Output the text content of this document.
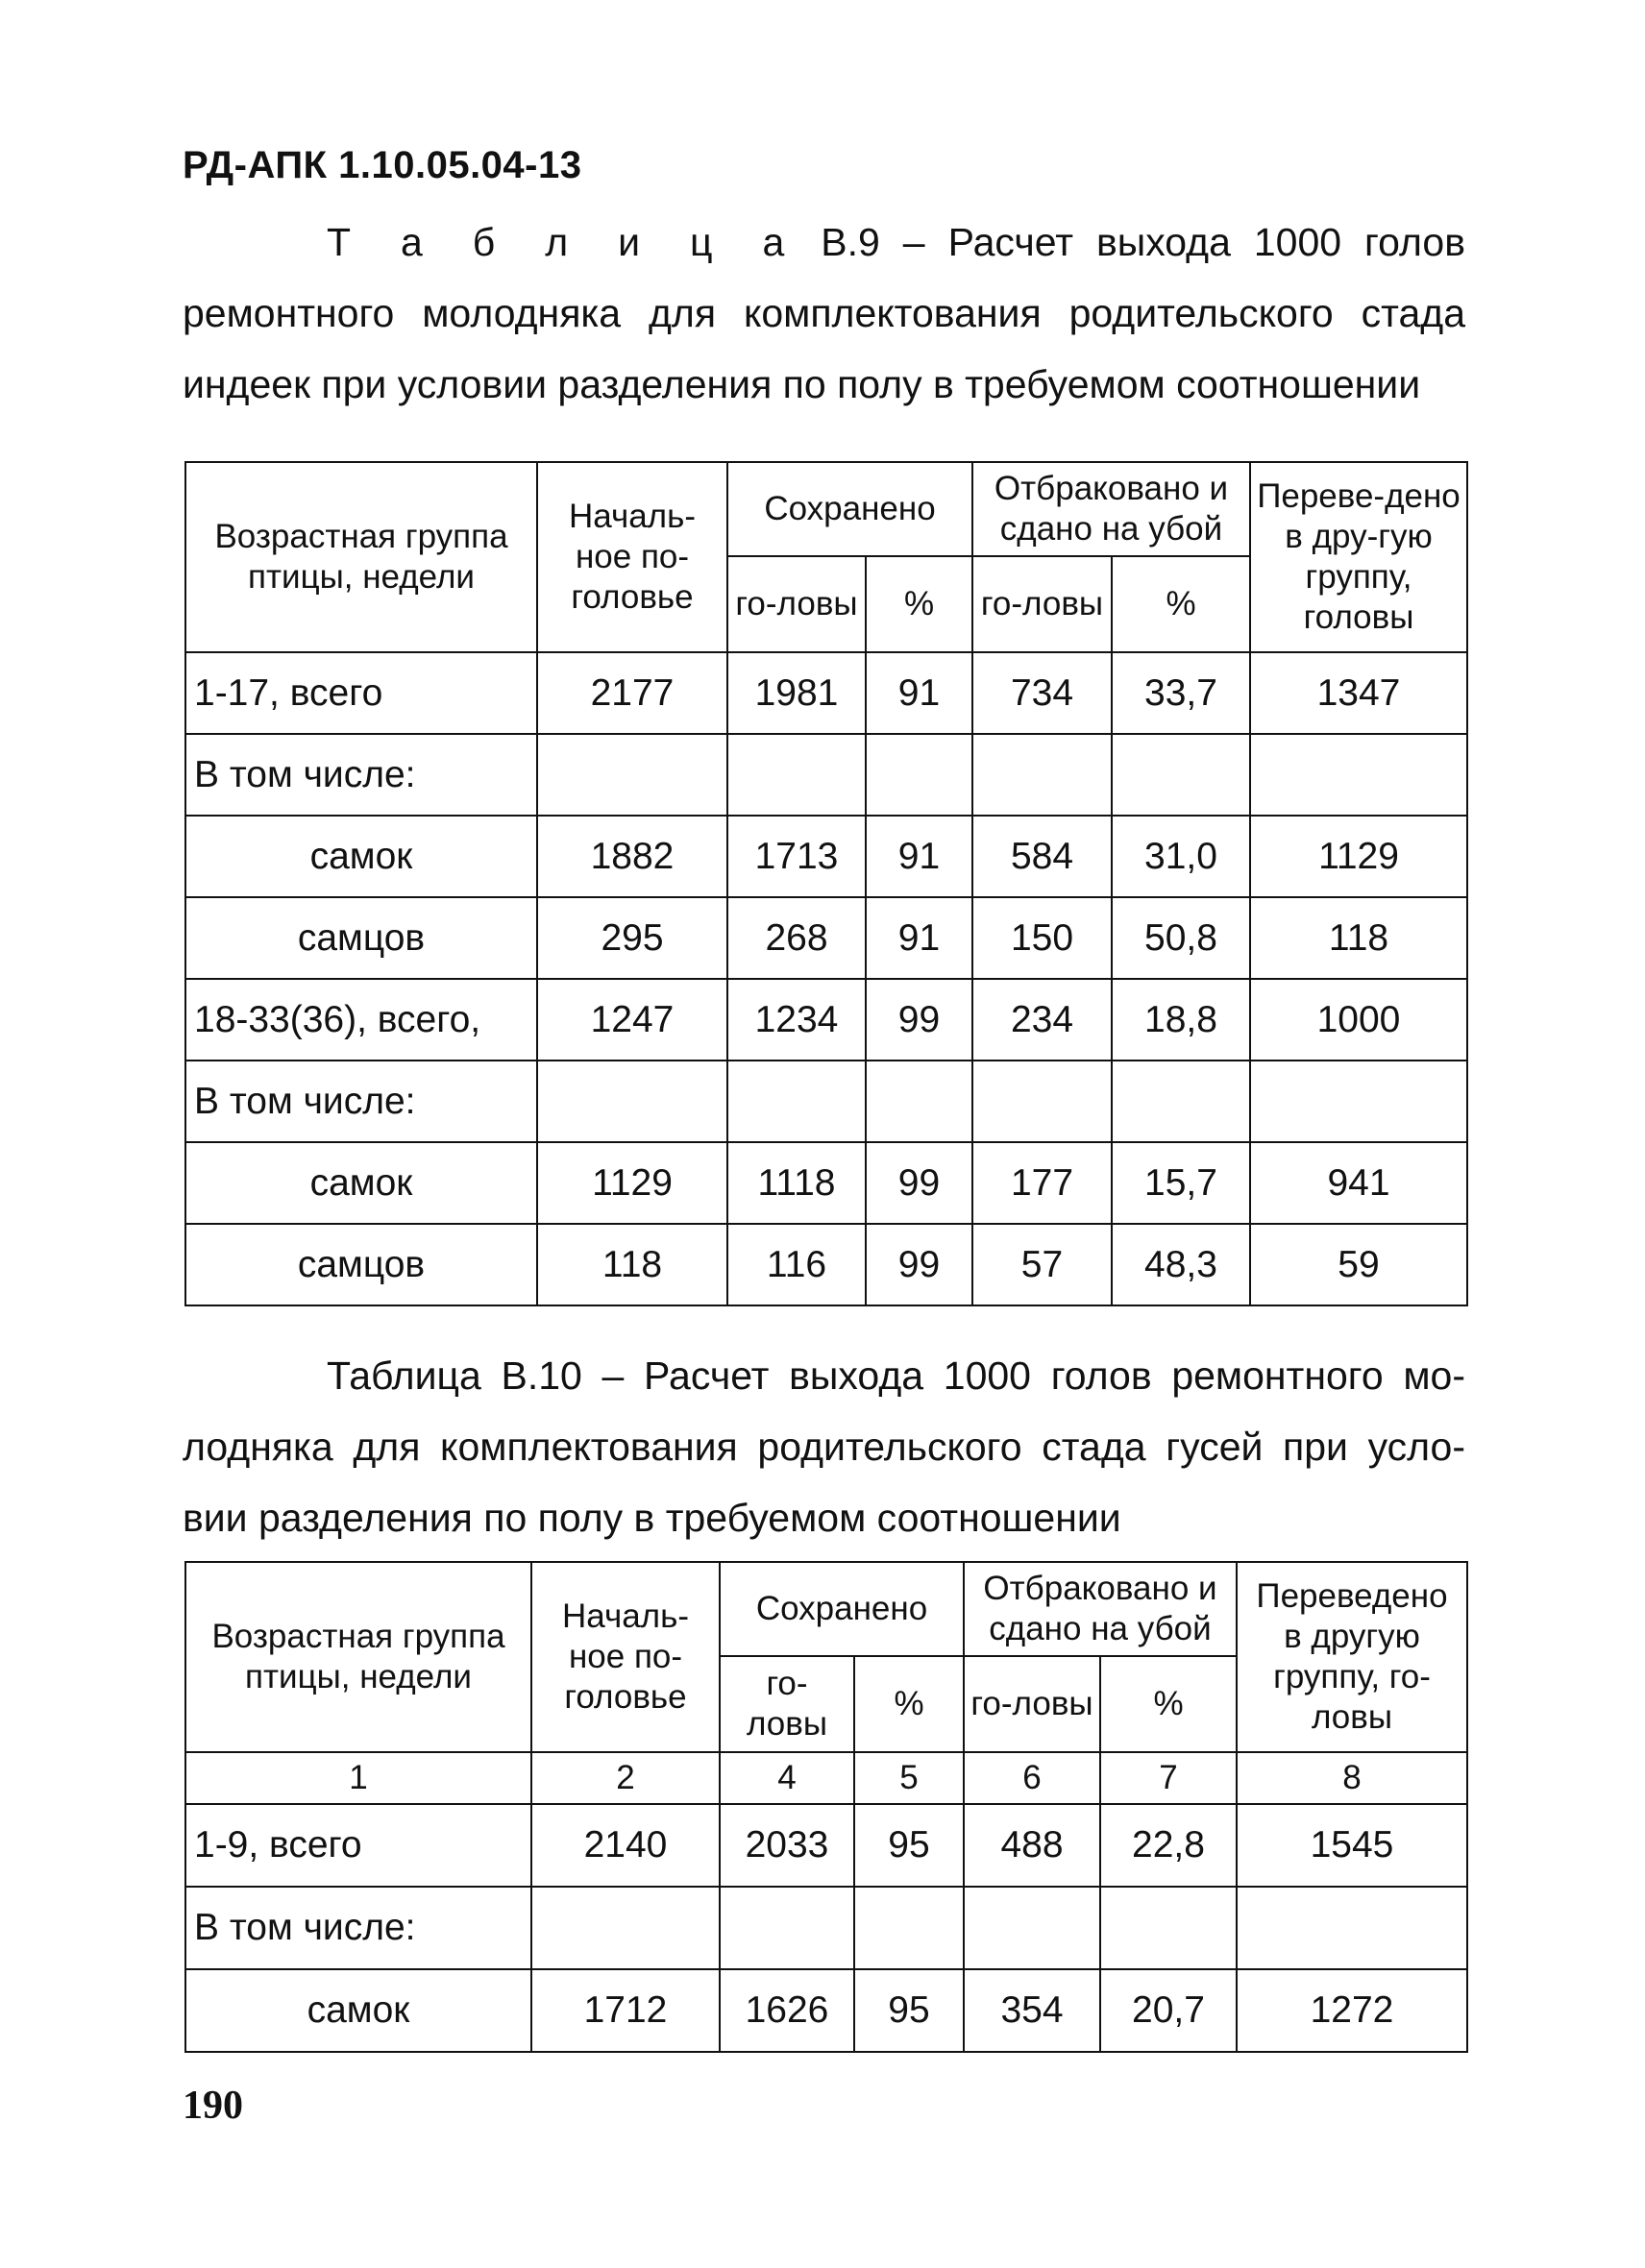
РД-АПК 1.10.05.04-13
Т а б л и ц а В.9 – Расчет выхода 1000 голов ремонтного молодняка для комплектования родительского стада индеек при условии разделения по полу в требуемом соотношении
Возрастная группа птицы, недели	Началь-ное по-головье	Сохранено		Отбраковано и сдано на убой		Переве-дено в дру-гую группу, головы
		го-ловы	%	го-ловы	%	
1-17, всего	2177	1981	91	734	33,7	1347
В том числе:						
самок	1882	1713	91	584	31,0	1129
самцов	295	268	91	150	50,8	118
18-33(36), всего,	1247	1234	99	234	18,8	1000
В том числе:						
самок	1129	1118	99	177	15,7	941
самцов	118	116	99	57	48,3	59
Таблица В.10 – Расчет выхода 1000 голов ремонтного мо-лодняка для комплектования родительского стада гусей при усло-вии разделения по полу в требуемом соотношении
Возрастная группа птицы, недели	Началь-ное по-головье	Сохранено		Отбраковано и сдано на убой		Переведено в другую группу, го-ловы
		го-ловы	%	го-ловы	%	
1	2	4	5	6	7	8
1-9, всего	2140	2033	95	488	22,8	1545
В том числе:						
самок	1712	1626	95	354	20,7	1272
190
